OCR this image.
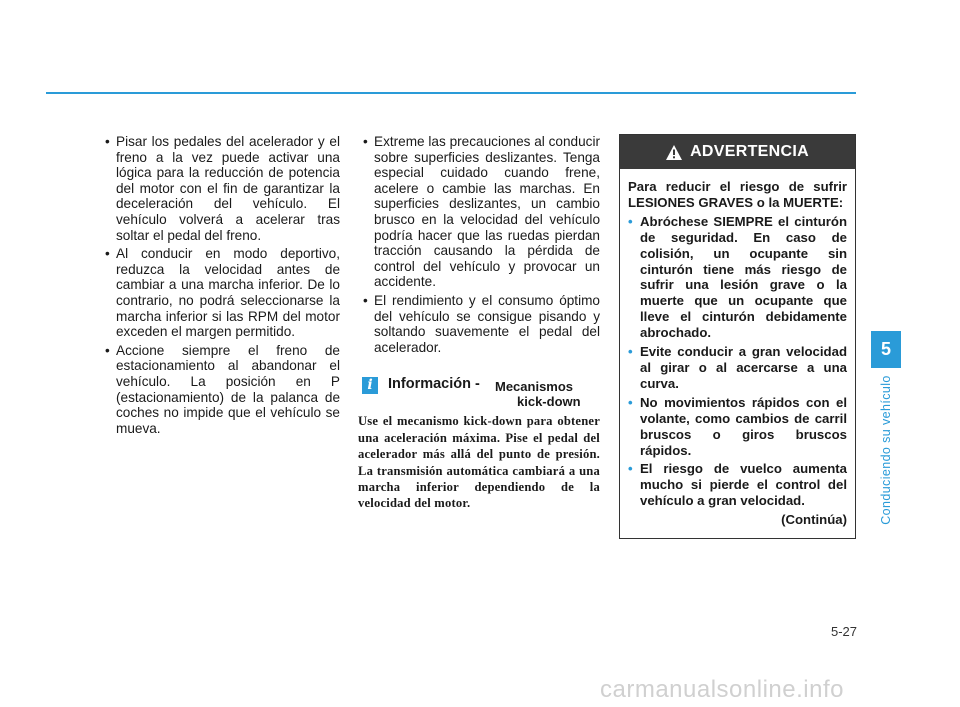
• Pisar los pedales del acelerador y el freno a la vez puede activar una lógica para la reducción de potencia del motor con el fin de garantizar la deceleración del vehículo. El vehículo volverá a acelerar tras soltar el pedal del freno.
• Al conducir en modo deportivo, reduzca la velocidad antes de cambiar a una marcha inferior. De lo contrario, no podrá seleccionarse la marcha inferior si las RPM del motor exceden el margen permitido.
• Accione siempre el freno de estacionamiento al abandonar el vehículo. La posición en P (estacionamiento) de la palanca de coches no impide que el vehículo se mueva.
• Extreme las precauciones al conducir sobre superficies deslizantes. Tenga especial cuidado cuando frene, acelere o cambie las marchas. En superficies deslizantes, un cambio brusco en la velocidad del vehículo podría hacer que las ruedas pierdan tracción causando la pérdida de control del vehículo y provocar un accidente.
• El rendimiento y el consumo óptimo del vehículo se consigue pisando y soltando suavemente el pedal del acelerador.
i	Información - Mecanismos
kick-down
Use el mecanismo kick-down para obtener una aceleración máxima. Pise el pedal del acelerador más allá del punto de presión. La transmisión automática cambiará a una marcha inferior dependiendo de la velocidad del motor.
ADVERTENCIA
Para reducir el riesgo de sufrir LESIONES GRAVES o la MUERTE:
• Abróchese SIEMPRE el cinturón de seguridad. En caso de colisión, un ocupante sin cinturón tiene más riesgo de sufrir una lesión grave o la muerte que un ocupante que lleve el cinturón debidamente abrochado.
• Evite conducir a gran velocidad al girar o al acercarse a una curva.
• No movimientos rápidos con el volante, como cambios de carril bruscos o giros bruscos rápidos.
• El riesgo de vuelco aumenta mucho si pierde el control del vehículo a gran velocidad.
(Continúa)
5
Conduciendo su vehículo
5-27
carmanualsonline.info
